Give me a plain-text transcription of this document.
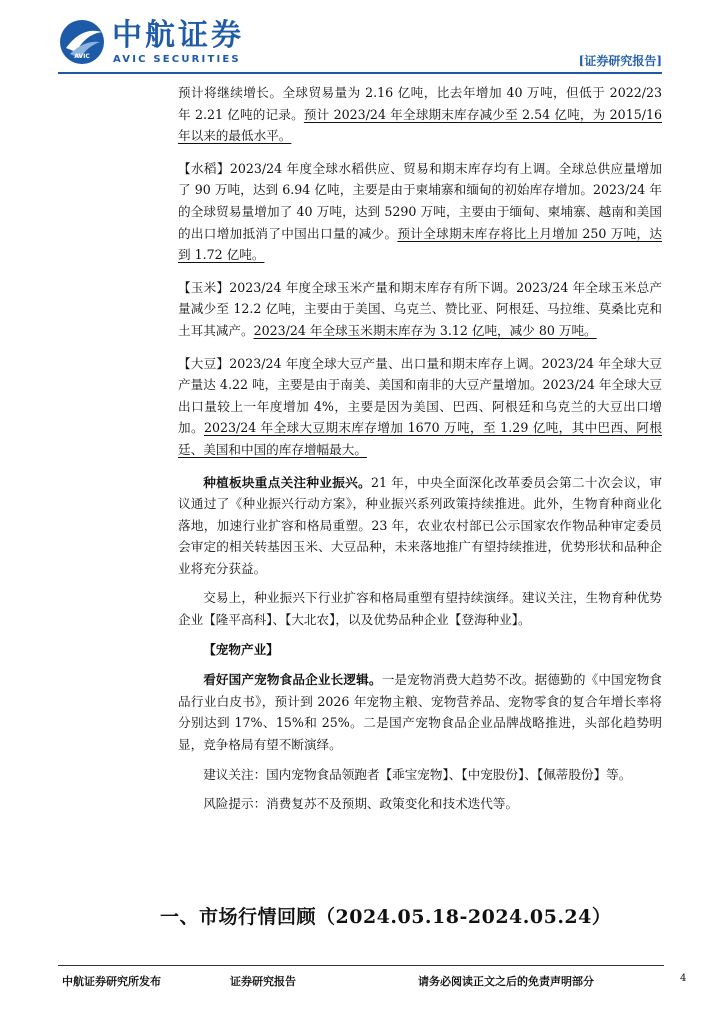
AVIC
中航证券
AVIC SECURITIES	[证券研究报告]

预计将继续增长。全球贸易量为 2.16 亿吨，比去年增加 40 万吨，但低于 2022/23 年 2.21 亿吨的记录。预计 2023/24 年全球期末库存减少至 2.54 亿吨，为 2015/16 年以来的最低水平。

【水稻】2023/24 年度全球水稻供应、贸易和期末库存均有上调。全球总供应量增加了 90 万吨，达到 6.94 亿吨，主要是由于柬埔寨和缅甸的初始库存增加。2023/24 年的全球贸易量增加了 40 万吨，达到 5290 万吨，主要由于缅甸、柬埔寨、越南和美国的出口增加抵消了中国出口量的减少。预计全球期末库存将比上月增加 250 万吨，达到 1.72 亿吨。

【玉米】2023/24 年度全球玉米产量和期末库存有所下调。2023/24 年全球玉米总产量减少至 12.2 亿吨，主要由于美国、乌克兰、赞比亚、阿根廷、马拉维、莫桑比克和土耳其减产。2023/24 年全球玉米期末库存为 3.12 亿吨，减少 80 万吨。

【大豆】2023/24 年度全球大豆产量、出口量和期末库存上调。2023/24 年全球大豆产量达 4.22 吨，主要是由于南美、美国和南非的大豆产量增加。2023/24 年全球大豆出口量较上一年度增加 4%，主要是因为美国、巴西、阿根廷和乌克兰的大豆出口增加。2023/24 年全球大豆期末库存增加 1670 万吨，至 1.29 亿吨，其中巴西、阿根廷、美国和中国的库存增幅最大。

种植板块重点关注种业振兴。21 年，中央全面深化改革委员会第二十次会议，审议通过了《种业振兴行动方案》，种业振兴系列政策持续推进。此外，生物育种商业化落地，加速行业扩容和格局重塑。23 年，农业农村部已公示国家农作物品种审定委员会审定的相关转基因玉米、大豆品种，未来落地推广有望持续推进，优势形状和品种企业将充分获益。

交易上，种业振兴下行业扩容和格局重塑有望持续演绎。建议关注，生物育种优势企业【隆平高科】、【大北农】，以及优势品种企业【登海种业】。

【宠物产业】

看好国产宠物食品企业长逻辑。一是宠物消费大趋势不改。据德勤的《中国宠物食品行业白皮书》，预计到 2026 年宠物主粮、宠物营养品、宠物零食的复合年增长率将分别达到 17%、15%和 25%。二是国产宠物食品企业品牌战略推进，头部化趋势明显，竞争格局有望不断演绎。

建议关注：国内宠物食品领跑者【乖宝宠物】、【中宠股份】、【佩蒂股份】等。

风险提示：消费复苏不及预期、政策变化和技术迭代等。

一、市场行情回顾（2024.05.18-2024.05.24）
中航证券研究所发布	证券研究报告	请务必阅读正文之后的免责声明部分	4
